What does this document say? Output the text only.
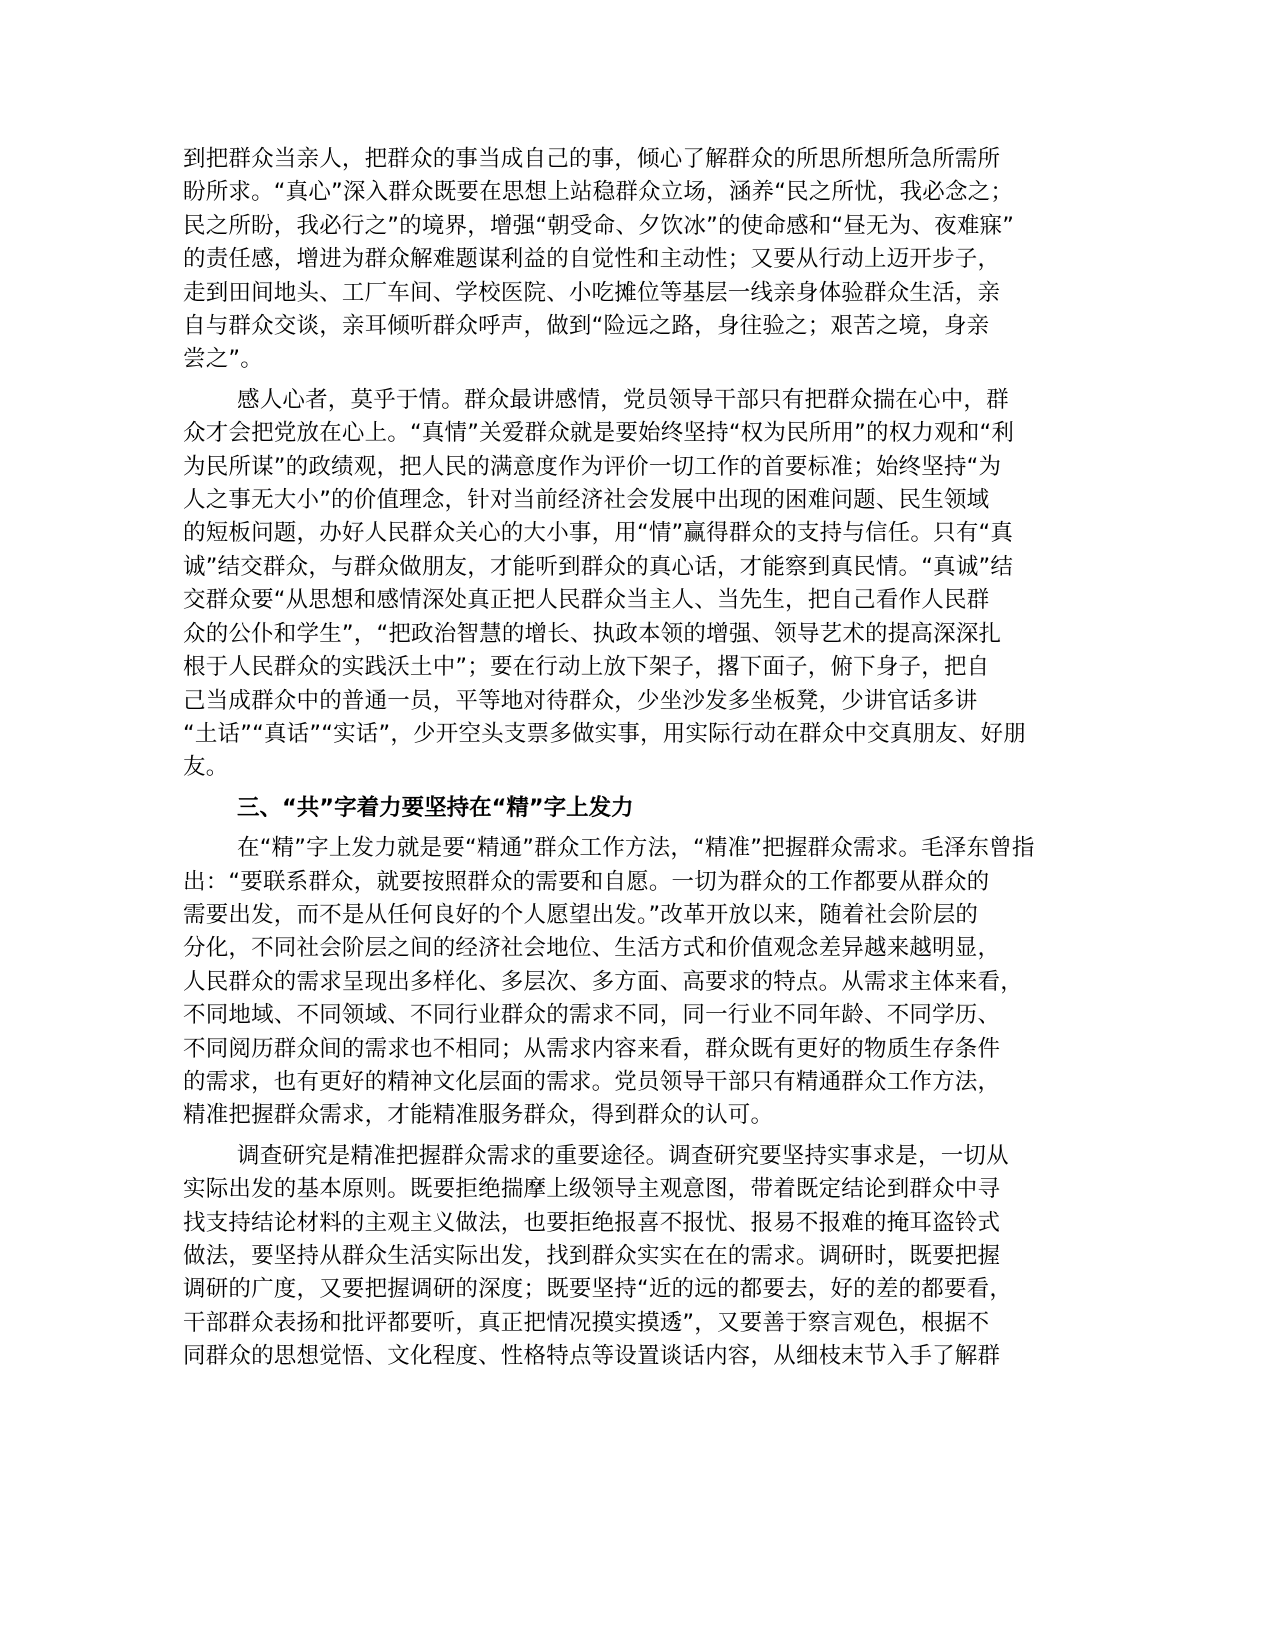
到把群众当亲人，把群众的事当成自己的事，倾心了解群众的所思所想所急所需所
盼所求。“真心”深入群众既要在思想上站稳群众立场，涵养“民之所忧，我必念之；
民之所盼，我必行之”的境界，增强“朝受命、夕饮冰”的使命感和“昼无为、夜难寐”
的责任感，增进为群众解难题谋利益的自觉性和主动性；又要从行动上迈开步子，
走到田间地头、工厂车间、学校医院、小吃摊位等基层一线亲身体验群众生活，亲
自与群众交谈，亲耳倾听群众呼声，做到“险远之路，身往验之；艰苦之境，身亲
尝之”。

感人心者，莫乎于情。群众最讲感情，党员领导干部只有把群众揣在心中，群
众才会把党放在心上。“真情”关爱群众就是要始终坚持“权为民所用”的权力观和“利
为民所谋”的政绩观，把人民的满意度作为评价一切工作的首要标准；始终坚持“为
人之事无大小”的价值理念，针对当前经济社会发展中出现的困难问题、民生领域
的短板问题，办好人民群众关心的大小事，用“情”赢得群众的支持与信任。只有“真
诚”结交群众，与群众做朋友，才能听到群众的真心话，才能察到真民情。“真诚”结
交群众要“从思想和感情深处真正把人民群众当主人、当先生，把自己看作人民群
众的公仆和学生”，“把政治智慧的增长、执政本领的增强、领导艺术的提高深深扎
根于人民群众的实践沃土中”；要在行动上放下架子，撂下面子，俯下身子，把自
己当成群众中的普通一员，平等地对待群众，少坐沙发多坐板凳，少讲官话多讲
“土话”“真话”“实话”，少开空头支票多做实事，用实际行动在群众中交真朋友、好朋
友。

三、“共”字着力要坚持在“精”字上发力

在“精”字上发力就是要“精通”群众工作方法，“精准”把握群众需求。毛泽东曾指
出：“要联系群众，就要按照群众的需要和自愿。一切为群众的工作都要从群众的
需要出发，而不是从任何良好的个人愿望出发。”改革开放以来，随着社会阶层的
分化，不同社会阶层之间的经济社会地位、生活方式和价值观念差异越来越明显，
人民群众的需求呈现出多样化、多层次、多方面、高要求的特点。从需求主体来看，
不同地域、不同领域、不同行业群众的需求不同，同一行业不同年龄、不同学历、
不同阅历群众间的需求也不相同；从需求内容来看，群众既有更好的物质生存条件
的需求，也有更好的精神文化层面的需求。党员领导干部只有精通群众工作方法，
精准把握群众需求，才能精准服务群众，得到群众的认可。

调查研究是精准把握群众需求的重要途径。调查研究要坚持实事求是，一切从
实际出发的基本原则。既要拒绝揣摩上级领导主观意图，带着既定结论到群众中寻
找支持结论材料的主观主义做法，也要拒绝报喜不报忧、报易不报难的掩耳盗铃式
做法，要坚持从群众生活实际出发，找到群众实实在在的需求。调研时，既要把握
调研的广度，又要把握调研的深度；既要坚持“近的远的都要去，好的差的都要看，
干部群众表扬和批评都要听，真正把情况摸实摸透”，又要善于察言观色，根据不
同群众的思想觉悟、文化程度、性格特点等设置谈话内容，从细枝末节入手了解群
